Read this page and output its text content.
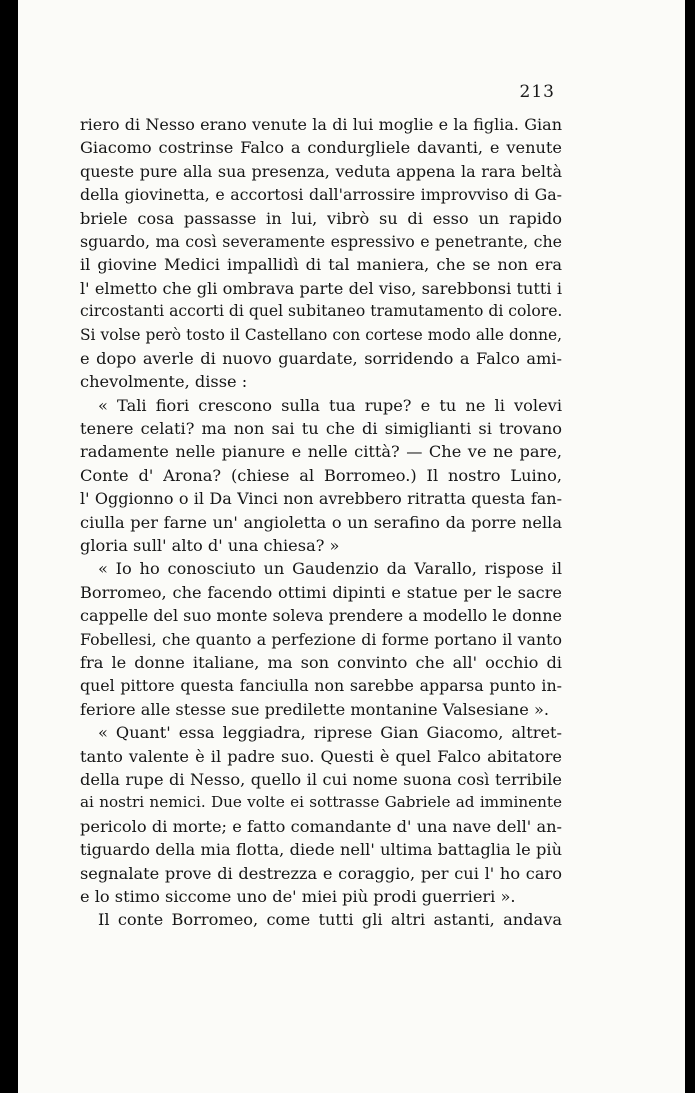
213

riero di Nesso erano venute la di lui moglie e la figlia. Gian

Giacomo costrinse Falco a condurgliele davanti, e venute

queste pure alla sua presenza, veduta appena la rara beltà

della giovinetta, e accortosi dall'arrossire improvviso di Ga-

briele cosa passasse in lui, vibrò su di esso un rapido

sguardo, ma così severamente espressivo e penetrante, che

il giovine Medici impallidì di tal maniera, che se non era

l' elmetto che gli ombrava parte del viso, sarebbonsi tutti i

circostanti accorti di quel subitaneo tramutamento di colore.

Si volse però tosto il Castellano con cortese modo alle donne,

e dopo averle di nuovo guardate, sorridendo a Falco ami-

chevolmente, disse :

« Tali fiori crescono sulla tua rupe? e tu ne li volevi

tenere celati? ma non sai tu che di simiglianti si trovano

radamente nelle pianure e nelle città? — Che ve ne pare,

Conte d' Arona? (chiese al Borromeo.) Il nostro Luino,

l' Oggionno o il Da Vinci non avrebbero ritratta questa fan-

ciulla per farne un' angioletta o un serafino da porre nella

gloria sull' alto d' una chiesa? »

« Io ho conosciuto un Gaudenzio da Varallo, rispose il

Borromeo, che facendo ottimi dipinti e statue per le sacre

cappelle del suo monte soleva prendere a modello le donne

Fobellesi, che quanto a perfezione di forme portano il vanto

fra le donne italiane, ma son convinto che all' occhio di

quel pittore questa fanciulla non sarebbe apparsa punto in-

feriore alle stesse sue predilette montanine Valsesiane ».

« Quant' essa leggiadra, riprese Gian Giacomo, altret-

tanto valente è il padre suo. Questi è quel Falco abitatore

della rupe di Nesso, quello il cui nome suona così terribile

ai nostri nemici. Due volte ei sottrasse Gabriele ad imminente

pericolo di morte; e fatto comandante d' una nave dell' an-

tiguardo della mia flotta, diede nell' ultima battaglia le più

segnalate prove di destrezza e coraggio, per cui l' ho caro

e lo stimo siccome uno de' miei più prodi guerrieri ».

Il conte Borromeo, come tutti gli altri astanti, andava
